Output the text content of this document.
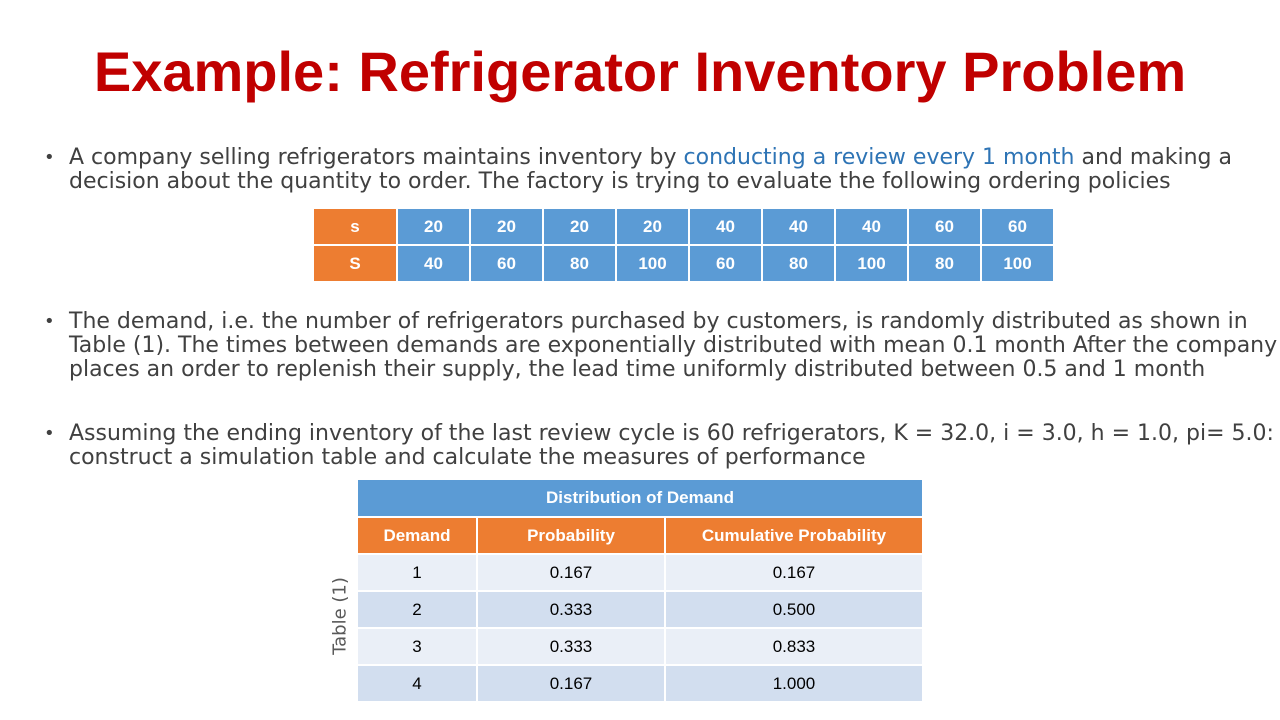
Example: Refrigerator Inventory Problem
• A company selling refrigerators maintains inventory by conducting a review every 1 month and making a decision about the quantity to order. The factory is trying to evaluate the following ordering policies
s	20	20	20	20	40	40	40	60	60
S	40	60	80	100	60	80	100	80	100
• The demand, i.e. the number of refrigerators purchased by customers, is randomly distributed as shown in Table (1). The times between demands are exponentially distributed with mean 0.1 month After the company places an order to replenish their supply, the lead time uniformly distributed between 0.5 and 1 month
• Assuming the ending inventory of the last review cycle is 60 refrigerators, K = 32.0, i = 3.0, h = 1.0, pi= 5.0: construct a simulation table and calculate the measures of performance
Table (1)
Distribution of Demand		
Demand	Probability	Cumulative Probability
1	0.167	0.167
2	0.333	0.500
3	0.333	0.833
4	0.167	1.000
